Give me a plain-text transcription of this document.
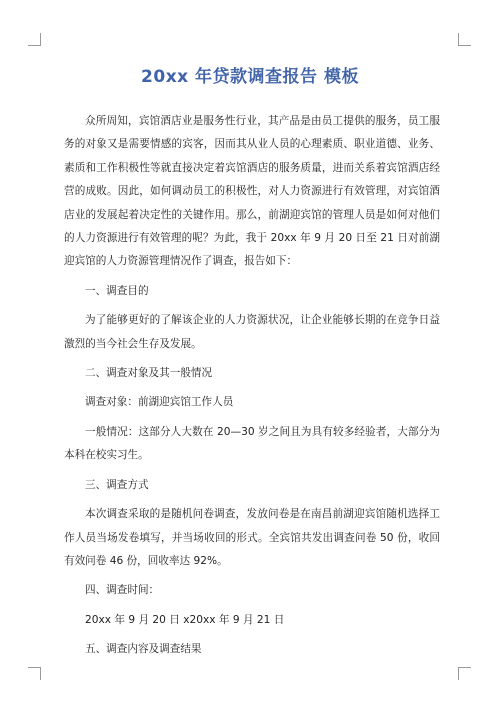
20xx 年贷款调查报告 模板

众所周知，宾馆酒店业是服务性行业，其产品是由员工提供的服务，员工服务的对象又是需要情感的宾客，因而其从业人员的心理素质、职业道德、业务、素质和工作积极性等就直接决定着宾馆酒店的服务质量，进而关系着宾馆酒店经营的成败。因此，如何调动员工的积极性，对人力资源进行有效管理，对宾馆酒店业的发展起着决定性的关键作用。那么，前湖迎宾馆的管理人员是如何对他们的人力资源进行有效管理的呢？为此，我于 20xx 年 9 月 20 日至 21 日对前湖迎宾馆的人力资源管理情况作了调查，报告如下：

一、调查目的

为了能够更好的了解该企业的人力资源状况，让企业能够长期的在竞争日益激烈的当今社会生存及发展。

二、调查对象及其一般情况

调查对象：前湖迎宾馆工作人员

一般情况：这部分人大数在 20—30 岁之间且为具有较多经验者，大部分为本科在校实习生。

三、调查方式

本次调查采取的是随机问卷调查，发放问卷是在南昌前湖迎宾馆随机选择工作人员当场发卷填写，并当场收回的形式。全宾馆共发出调查问卷 50 份，收回有效问卷 46 份，回收率达 92%。

四、调查时间：

20xx 年 9 月 20 日 x20xx 年 9 月 21 日

五、调查内容及调查结果
